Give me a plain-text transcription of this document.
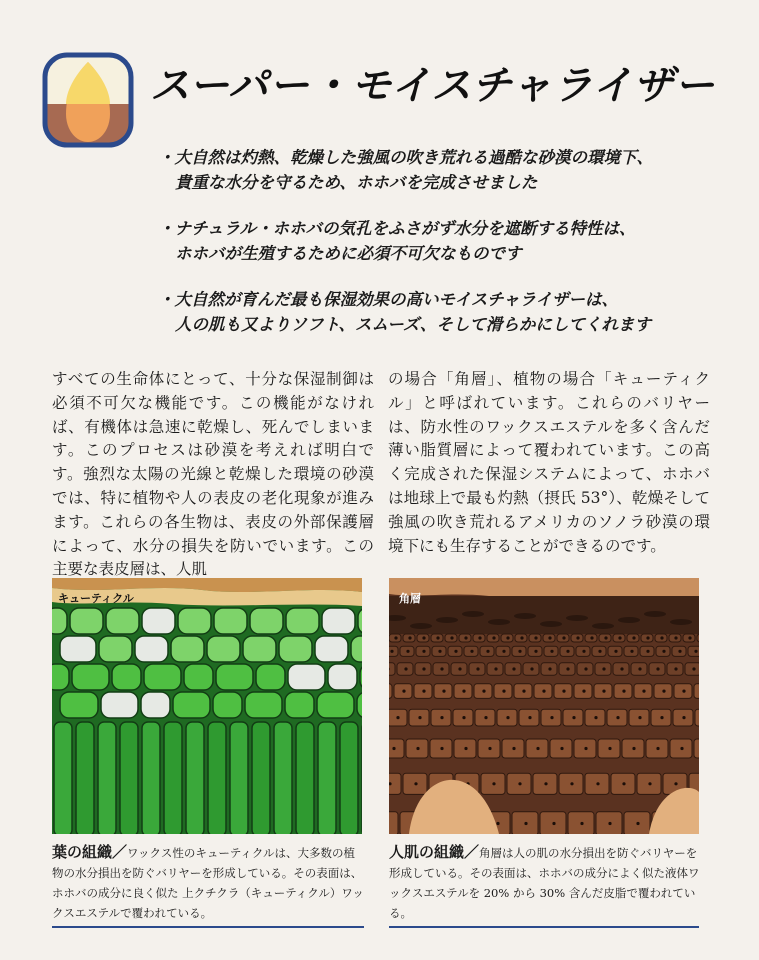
スーパー・モイスチャライザー
・大自然は灼熱、乾燥した強風の吹き荒れる過酷な砂漠の環境下、
貴重な水分を守るため、ホホバを完成させました
・ナチュラル・ホホバの気孔をふさがず水分を遮断する特性は、
ホホバが生殖するために必須不可欠なものです
・大自然が育んだ最も保湿効果の高いモイスチャライザーは、
人の肌も又よりソフト、スムーズ、そして滑らかにしてくれます
すべての生命体にとって、十分な保湿制御は必須不可欠な機能です。この機能がなければ、有機体は急速に乾燥し、死んでしまいます。このプロセスは砂漠を考えれば明白です。強烈な太陽の光線と乾燥した環境の砂漠では、特に植物や人の表皮の老化現象が進みます。これらの各生物は、表皮の外部保護層によって、水分の損失を防いでいます。この主要な表皮層は、人肌
の場合「角層」、植物の場合「キューティクル」と呼ばれています。これらのバリヤーは、防水性のワックスエステルを多く含んだ薄い脂質層によって覆われています。この高く完成された保湿システムによって、ホホバは地球上で最も灼熱（摂氏 53°）、乾燥そして強風の吹き荒れるアメリカのソノラ砂漠の環境下にも生存することができるのです。
キューティクル	角層
葉の組織／ワックス性のキューティクルは、大多数の植物の水分損出を防ぐバリヤーを形成している。その表面は、ホホバの成分に良く似た 上クチクラ（キューティクル）ワックスエステルで覆われている。
人肌の組織／角層は人の肌の水分損出を防ぐバリヤーを形成している。その表面は、ホホバの成分によく似た液体ワックスエステルを 20% から 30% 含んだ皮脂で覆われている。
